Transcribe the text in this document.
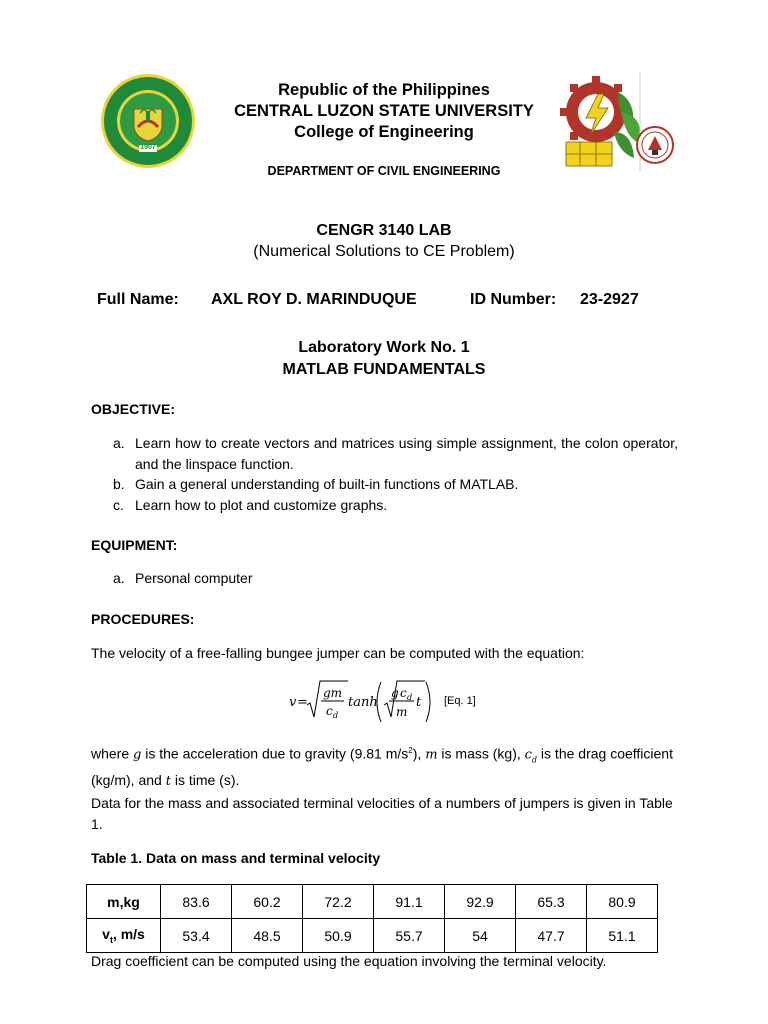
1907
Republic of the Philippines
CENTRAL LUZON STATE UNIVERSITY
College of Engineering
DEPARTMENT OF CIVIL ENGINEERING
CENGR 3140 LAB
(Numerical Solutions to CE Problem)
Full Name: AXL ROY D. MARINDUQUE	ID Number: 23-2927
Laboratory Work No. 1
MATLAB FUNDAMENTALS
OBJECTIVE:
a. Learn how to create vectors and matrices using simple assignment, the colon operator, and the linspace function.
b. Gain a general understanding of built-in functions of MATLAB.
c. Learn how to plot and customize graphs.
EQUIPMENT:
a. Personal computer
PROCEDURES:
The velocity of a free-falling bungee jumper can be computed with the equation:
v =
gm
c d
tanh
g c d
m
t [Eq. 1]
where g is the acceleration due to gravity (9.81 $m/s^2$), m is mass (kg), $c_d$ is the drag coefficient (kg/m), and t is time (s).
Data for the mass and associated terminal velocities of a numbers of jumpers is given in Table 1.
Table 1. Data on mass and terminal velocity
m,kg	83.6	60.2	72.2	91.1	92.9	65.3	80.9
$v_t$, m/s	53.4	48.5	50.9	55.7	54	47.7	51.1
Drag coefficient can be computed using the equation involving the terminal velocity.
